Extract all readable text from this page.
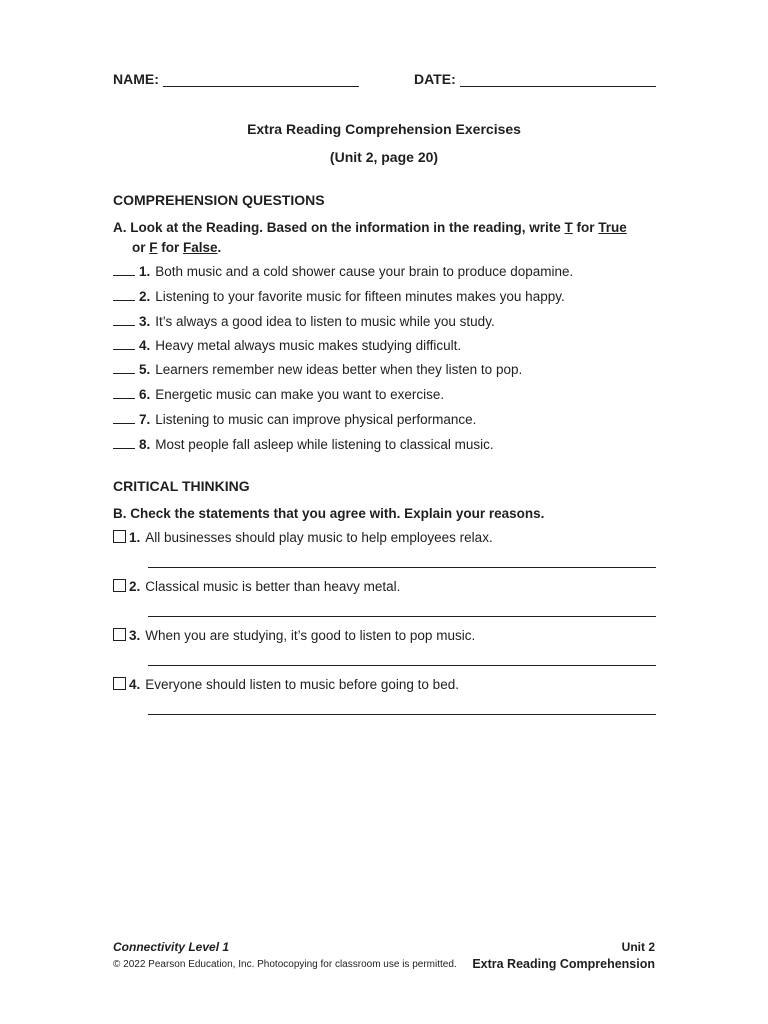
NAME:	DATE:
Extra Reading Comprehension Exercises
(Unit 2, page 20)
COMPREHENSION QUESTIONS
A. Look at the Reading. Based on the information in the reading, write T for True
or F for False.
1. Both music and a cold shower cause your brain to produce dopamine.
2. Listening to your favorite music for fifteen minutes makes you happy.
3. It’s always a good idea to listen to music while you study.
4. Heavy metal always music makes studying difficult.
5. Learners remember new ideas better when they listen to pop.
6. Energetic music can make you want to exercise.
7. Listening to music can improve physical performance.
8. Most people fall asleep while listening to classical music.
CRITICAL THINKING
B. Check the statements that you agree with. Explain your reasons.
1. All businesses should play music to help employees relax.
2. Classical music is better than heavy metal.
3. When you are studying, it’s good to listen to pop music.
4. Everyone should listen to music before going to bed.
Connectivity Level 1
© 2022 Pearson Education, Inc. Photocopying for classroom use is permitted.
Unit 2
Extra Reading Comprehension
